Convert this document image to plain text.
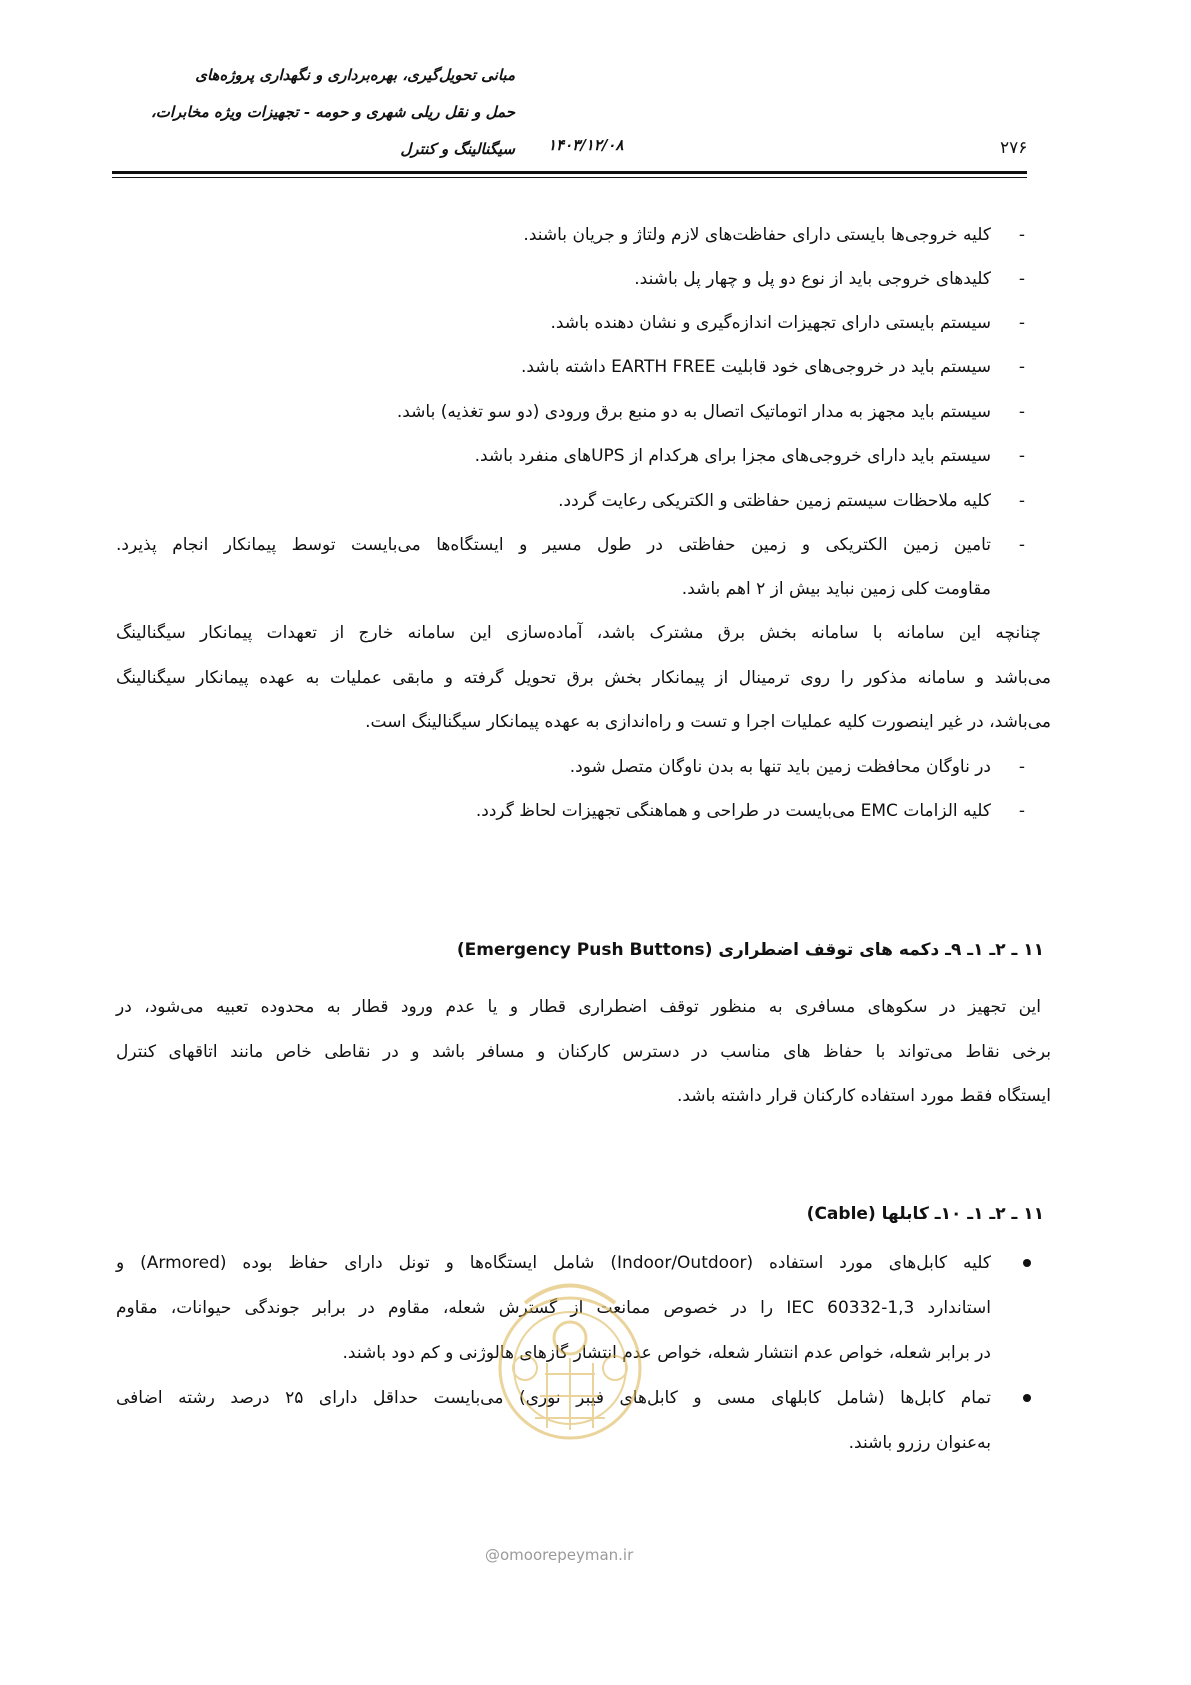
مبانی تحویل‌گیری، بهره‌برداری و نگهداری پروژه‌های
حمل و نقل ریلی شهری و حومه - تجهیزات ویژه مخابرات،
سیگنالینگ و کنترل ۱۴۰۳/۱۲/۰۸	۲۷۶
-
کلیه خروجی‌ها بایستی دارای حفاظت‌های لازم ولتاژ و جریان باشند.
-
کلیدهای خروجی باید از نوع دو پل و چهار پل باشند.
-
سیستم بایستی دارای تجهیزات اندازه‌گیری و نشان دهنده باشد.
-
سیستم باید در خروجی‌های خود قابلیت EARTH FREE داشته باشد.
-
سیستم باید مجهز به مدار اتوماتیک اتصال به دو منبع برق ورودی (دو سو تغذیه) باشد.
-
سیستم باید دارای خروجی‌های مجزا برای هرکدام از UPSهای منفرد باشد.
-
کلیه ملاحظات سیستم زمین حفاظتی و الکتریکی رعایت گردد.
-
تامین زمین الکتریکی و زمین حفاظتی در طول مسیر و ایستگاه‌ها می‌بایست توسط پیمانکار انجام پذیرد.
مقاومت کلی زمین نباید بیش از ۲ اهم باشد.
چنانچه این سامانه با سامانه بخش برق مشترک باشد، آماده‌سازی این سامانه خارج از تعهدات پیمانکار سیگنالینگ
می‌باشد و سامانه مذکور را روی ترمینال از پیمانکار بخش برق تحویل گرفته و مابقی عملیات به عهده پیمانکار سیگنالینگ
می‌باشد، در غیر اینصورت کلیه عملیات اجرا و تست و راه‌اندازی به عهده پیمانکار سیگنالینگ است.
-
در ناوگان محافظت زمین باید تنها به بدن ناوگان متصل شود.
-
کلیه الزامات EMC می‌بایست در طراحی و هماهنگی تجهیزات لحاظ گردد.
۱۱ ـ ۲ـ ۱ـ ۹ـ دکمه های توقف اضطراری (Emergency Push Buttons)
این تجهیز در سکوهای مسافری به منظور توقف اضطراری قطار و یا عدم ورود قطار به محدوده تعبیه می‌شود، در
برخی نقاط می‌تواند با حفاظ های مناسب در دسترس کارکنان و مسافر باشد و در نقاطی خاص مانند اتاقهای کنترل
ایستگاه فقط مورد استفاده کارکنان قرار داشته باشد.
۱۱ ـ ۲ـ ۱ـ ۱۰ـ کابلها (Cable)
کلیه کابل‌های مورد استفاده (Indoor/Outdoor) شامل ایستگاه‌ها و تونل دارای حفاظ بوده (Armored) و
استاندارد IEC 60332-1,3 را در خصوص ممانعت از گسترش شعله، مقاوم در برابر جوندگی حیوانات، مقاوم
در برابر شعله، خواص عدم انتشار شعله، خواص عدم انتشار گازهای هالوژنی و کم دود باشند.
تمام کابل‌ها (شامل کابلهای مسی و کابل‌های فیبر نوری) می‌بایست حداقل دارای ۲۵ درصد رشته اضافی
به‌عنوان رزرو باشند.
@omoorepeyman.ir
